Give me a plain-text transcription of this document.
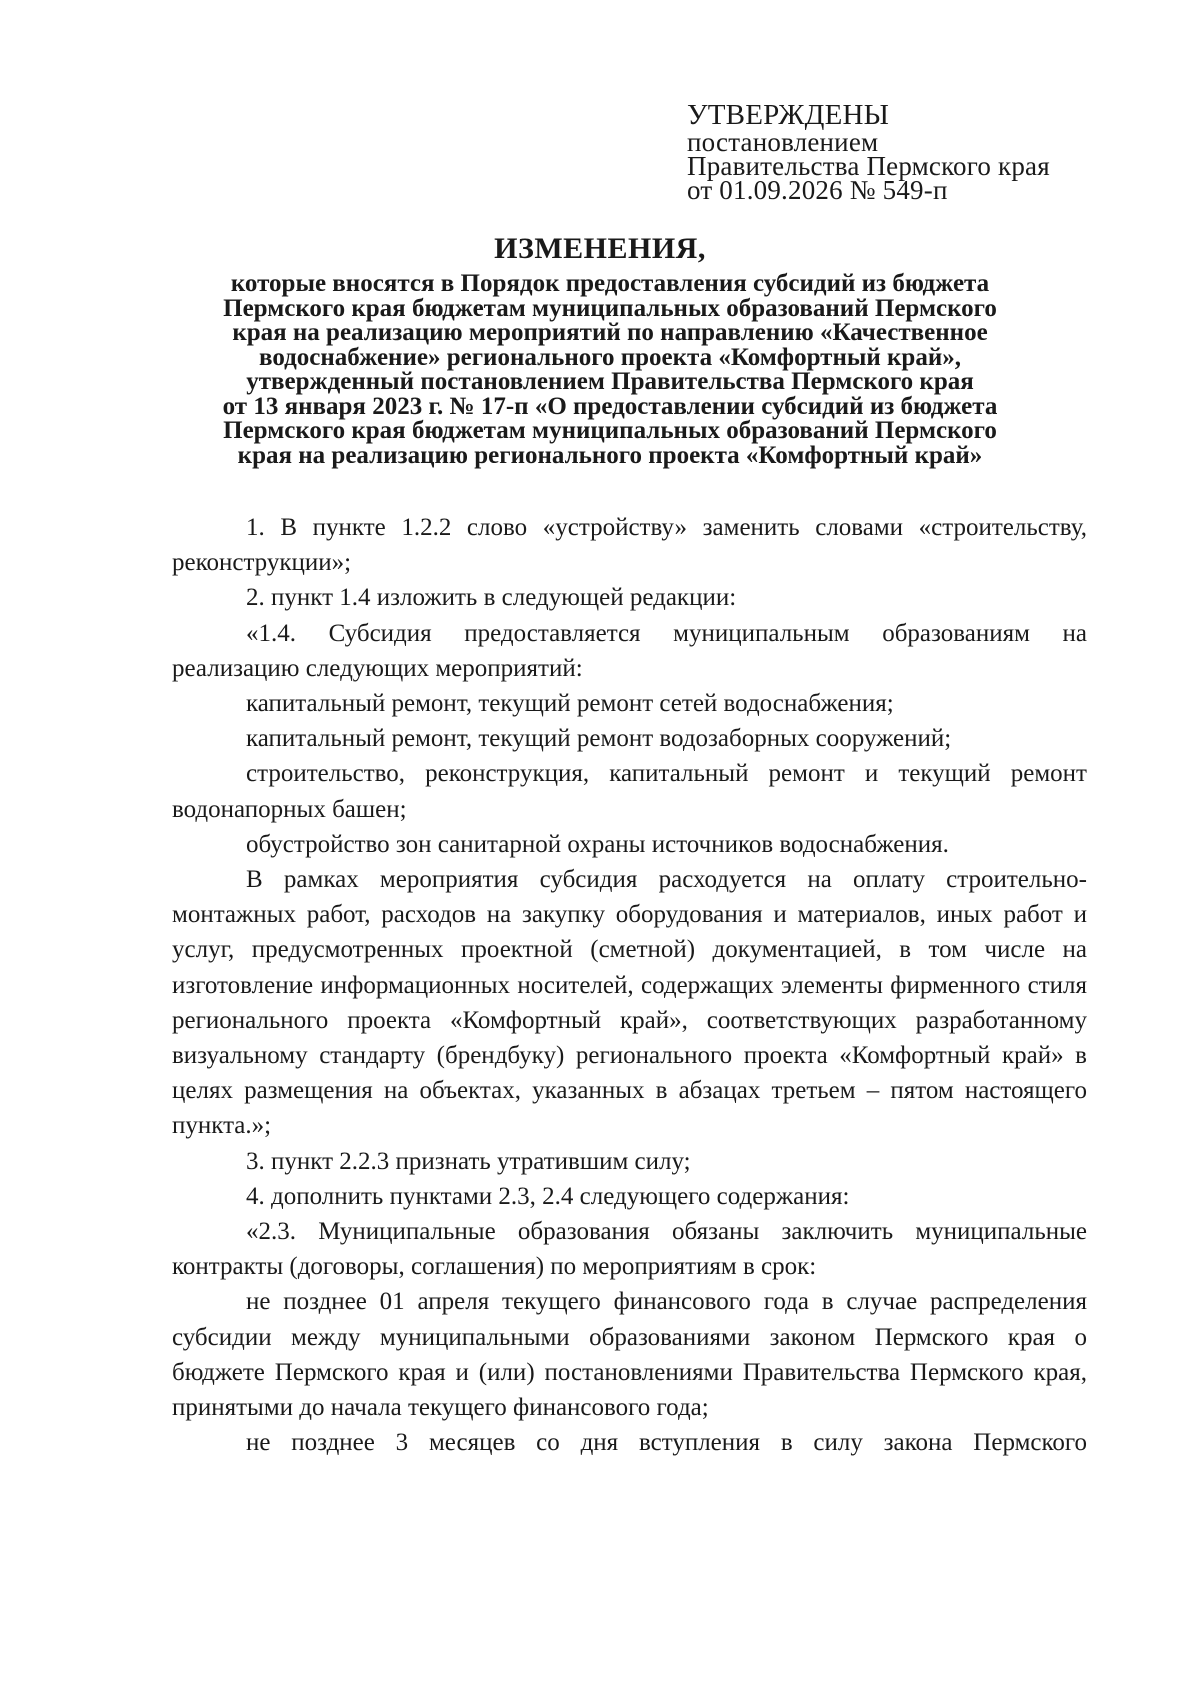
УТВЕРЖДЕНЫ
постановлением
Правительства Пермского края
от 01.09.2026 № 549-п
ИЗМЕНЕНИЯ,
которые вносятся в Порядок предоставления субсидий из бюджета
Пермского края бюджетам муниципальных образований Пермского
края на реализацию мероприятий по направлению «Качественное
водоснабжение» регионального проекта «Комфортный край»,
утвержденный постановлением Правительства Пермского края
от 13 января 2023 г. № 17-п «О предоставлении субсидий из бюджета
Пермского края бюджетам муниципальных образований Пермского
края на реализацию регионального проекта «Комфортный край»

1. В пункте 1.2.2 слово «устройству» заменить словами «строительству, реконструкции»;

2. пункт 1.4 изложить в следующей редакции:

«1.4. Субсидия предоставляется муниципальным образованиям на реализацию следующих мероприятий:

капитальный ремонт, текущий ремонт сетей водоснабжения;

капитальный ремонт, текущий ремонт водозаборных сооружений;

строительство, реконструкция, капитальный ремонт и текущий ремонт водонапорных башен;

обустройство зон санитарной охраны источников водоснабжения.

В рамках мероприятия субсидия расходуется на оплату строительно-монтажных работ, расходов на закупку оборудования и материалов, иных работ и услуг, предусмотренных проектной (сметной) документацией, в том числе на изготовление информационных носителей, содержащих элементы фирменного стиля регионального проекта «Комфортный край», соответствующих разработанному визуальному стандарту (брендбуку) регионального проекта «Комфортный край» в целях размещения на объектах, указанных в абзацах третьем – пятом настоящего пункта.»;

3. пункт 2.2.3 признать утратившим силу;

4. дополнить пунктами 2.3, 2.4 следующего содержания:

«2.3. Муниципальные образования обязаны заключить муниципальные контракты (договоры, соглашения) по мероприятиям в срок:

не позднее 01 апреля текущего финансового года в случае распределения субсидии между муниципальными образованиями законом Пермского края о бюджете Пермского края и (или) постановлениями Правительства Пермского края, принятыми до начала текущего финансового года;

не позднее 3 месяцев со дня вступления в силу закона Пермского
